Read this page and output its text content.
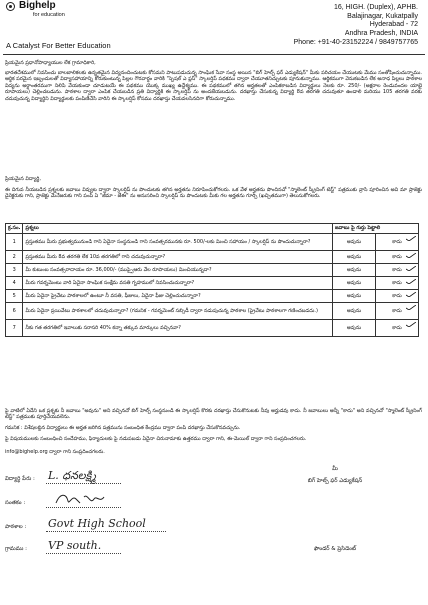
Bighelp
for education
A Catalyst For Better Education
16, HIGH. (Duplex), APHB.
Balajinagar, Kukatpally
Hyderabad - 72
Andhra Pradesh, INDIA
Phone: +91-40-23152224 / 9849757765

ప్రియమైన ప్రధానోపాధ్యాయుల లేక గ్రామాధికారి,

భారతదేశములో నివసించు బాలబాలికలకు ఉన్నతమైన విద్యనందించుటకు కోసమని పాటుపడుచున్న సాంఘిక సేవా సంస్థ అయిన "బిగ్ హెల్ప్ ఫర్ ఎడ్యుకేషన్" మీకు పరిచయం చేయుటకు మేము సంతోషించుచున్నాము. ఆర్థిక పరమైన ఇబ్బందులతో విద్యాసహాయాన్ని కోరుకుంటున్న పిల్లల గౌరవార్ధం వారికి "స్పెషల్ ఎ ప్లస్" స్కాలర్షిప్ పథకము ద్వారా చేయూతనిచ్చుటకు పూనుకున్నాము. ఆర్థికముగా వెనుకబడిన లేక అనాధ పిల్లలు పాఠశాల విద్యను అర్థాంతరముగా నిలిపి వేయకుండా చూడుటయే ఈ పథకము యొక్క ముఖ్య ఉద్దేశ్యము. ఈ పథకములో తగిన అర్హతలతో ఎంపికకాబడిన విద్యార్థులు నెలకు రూ. 250/- (అక్షరాల రెండువందల యాభై రూపాయలు) చెల్లించబడును. పాఠశాల ద్వారా ఎంపిక చేయబడిన ప్రతి విద్యార్థికి ఈ స్కాలర్షిప్ ను అందజేయబడును. దరఖాస్తు చేసుకున్న విద్యార్థి 8వ తరగతి చదువుతూ ఉండాలి మరియు 105 తరగతి వరకు చదువుచున్న విద్యార్థిని విద్యార్థులకు పంపిణీచేసి వారిని ఈ స్కాలర్షిప్ కోసము దరఖాస్తు చేయవలసినదిగా కోరుచున్నాము.

ప్రియమైన విద్యార్థి,

ఈ దిగువ నీయబడిన ప్రశ్నలకు జవాబు వివ్వుట ద్వారా స్కాలర్షిప్ ను పొందుటకు తగిన అర్హతను నిరూపించుకోగలరు. ఒక వేళ అర్హతను పొందినచో "స్మాలెంట్ స్క్రీనింగ్ టెస్ట్" పత్రముకు వ్రాసి పూరించిన అవి మా ప్రాజెక్టు డైరెక్టరుకు గాని, ప్రాజెక్టు మేనేజరుకు గాని పంపి ఏ "జీమా - జేఈ" ను అనుసరించి స్కాలర్షిప్ ను పొందుటకు మీకు గల అర్హతను గూర్చి (ఖచ్చితముగా) తెలుసుకోగలరు.

క్ర.సం.	ప్రశ్నలు	జవాబు పై గుర్తు పెట్టాలి	
1	ప్రస్తుతము మీరు ప్రభుత్వమునుండి గాని ఏదైనా సంస్థనుండి గాని సంవత్సరమునకు రూ. 500/-లకు మించి సహాయం / స్కాలర్షిప్ ను పొందుచున్నారా?	అవును	కాదు

2	ప్రస్తుతము మీరు 8వ తరగతి లేక 10వ తరగతిలో గాని చదువుచున్నారా?	అవును	కాదు

3	మీ కుటుంబ సంవత్సరాదాయం రూ. 36,000/- (ముప్పైఆరు వేల రూపాయలు) మించియున్నదా?	అవును	కాదు

4	మీరు గవర్నమెంటు వారి ఏదైనా సాంఘిక సంక్షేమ వసతి గృహములో నివసించుచున్నారా?	అవును	కాదు

5	మీరు ఏదైనా ప్రైవేటు పాఠశాలలో ఉంటూ నీ వసతి, ఫీజులు, ఏదైనా ఫీజు చెల్లించుచున్నారా?	అవును	కాదు

6	మీరు ఏదైనా ప్రయివేటు పాఠశాలలో చదువుచున్నారా? (గమనిక - గవర్నమెంట్ సబ్సిడీ ద్వారా నడుపుచున్న పాఠశాల (ప్రైవేటు పాఠశాలగా గణించబడదు.)	అవును	కాదు

7	నీకు గత తరగతిలో ఇవాలుకు సరాసరి 40% కన్నా తక్కువ మార్కులు వచ్చినవా?	అవును	కాదు

పై వాటిలో ఏదేని ఒక ప్రశ్నకు నీ జవాబు "అవును" అని వచ్చినచో బిగ్ హెల్ప్ సంస్థనుండి ఈ స్కాలర్షిప్ కొరకు దరఖాస్తు చేసుకొనుటకు నీవు అర్హుడవు కాదు. నీ జవాబులు అన్నీ "కాదు" అని వచ్చినచో "స్మాలెంట్ స్క్రీనింగ్ టెస్ట్" పత్రముకు పూర్తిచేయవలెను.

గమనిక : విశేషలబ్దిన విద్యార్థులు ఈ అర్హత జరిగిన పత్రమును సంబంధిత కేంద్రము ద్వారా పంపి దరఖాస్తు చేసుకొనవచ్చును.

పై విషయములకు సంబంధించి సందేహము, ఫిర్యాదులకు పై నడుపబడు ఏదైనా చిరునామాకు ఉత్తరము ద్వారా గాని, ఈ-మెయిల్ ద్వారా గాని సంప్రదించగలరు.

info@bighelp.org ద్వారా గాని సంప్రదించగలరు.

విద్యార్థి పేరు :	L. ధనలక్ష్మి
సంతకం :
పాఠశాల :	Govt High School
గ్రామము :	VP south.
మీ
బిగ్ హెల్ప్ ఫర్ ఎడ్యుకేషన్
ఫౌండర్ & ప్రెసిడెంట్
